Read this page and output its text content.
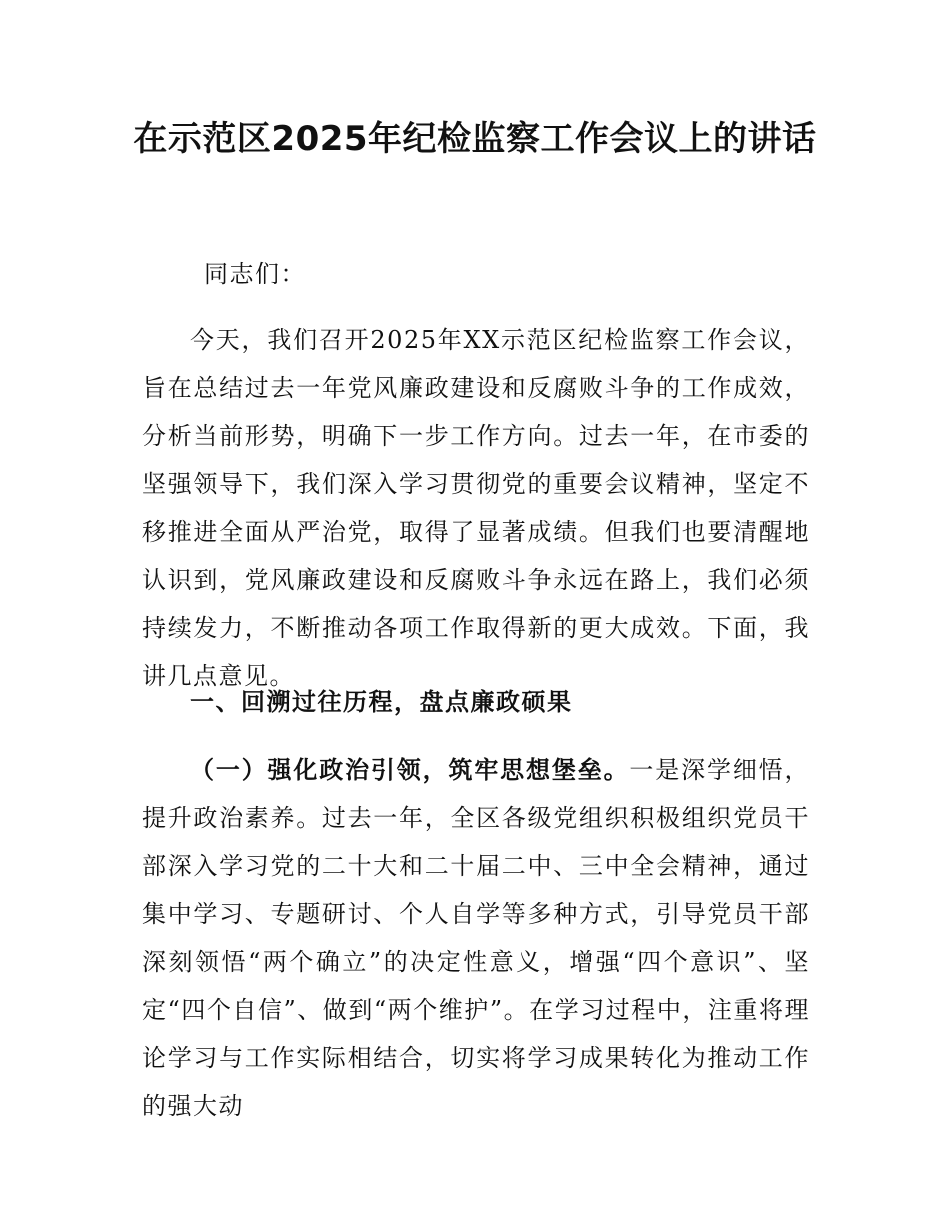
在示范区2025年纪检监察工作会议上的讲话

同志们：

今天，我们召开2025年XX示范区纪检监察工作会议，旨在总结过去一年党风廉政建设和反腐败斗争的工作成效，分析当前形势，明确下一步工作方向。过去一年，在市委的坚强领导下，我们深入学习贯彻党的重要会议精神，坚定不移推进全面从严治党，取得了显著成绩。但我们也要清醒地认识到，党风廉政建设和反腐败斗争永远在路上，我们必须持续发力，不断推动各项工作取得新的更大成效。下面，我讲几点意见。

一、回溯过往历程，盘点廉政硕果

（一）强化政治引领，筑牢思想堡垒。一是深学细悟，提升政治素养。过去一年，全区各级党组织积极组织党员干部深入学习党的二十大和二十届二中、三中全会精神，通过集中学习、专题研讨、个人自学等多种方式，引导党员干部深刻领悟“两个确立”的决定性意义，增强“四个意识”、坚定“四个自信”、做到“两个维护”。在学习过程中，注重将理论学习与工作实际相结合，切实将学习成果转化为推动工作的强大动
